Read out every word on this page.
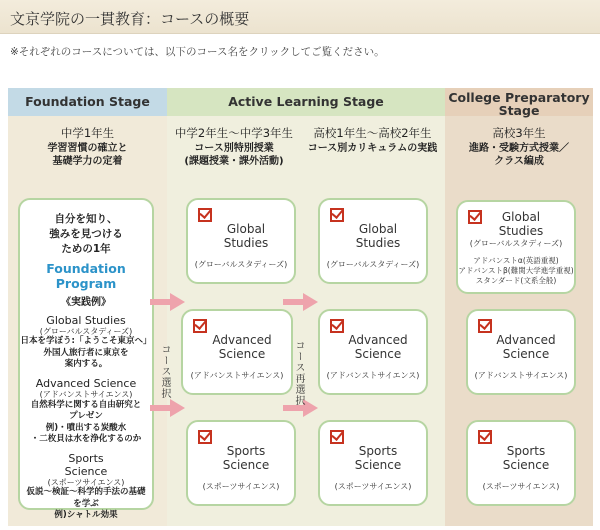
文京学院の一貫教育：コースの概要
※それぞれのコースについては、以下のコース名をクリックしてご覧ください。
Foundation Stage	Active Learning Stage	College Preparatory Stage
中学1年生
学習習慣の確立と
基礎学力の定着
中学2年生〜中学3年生
コース別特別授業
(課題授業・課外活動)
高校1年生〜高校2年生
コース別カリキュラムの実践
高校3年生
進路・受験方式授業／
クラス編成
自分を知り、
強みを見つける
ための1年
Foundation Program
《実践例》
Global Studies
(グローバルスタディーズ)
日本を学ぼう:「ようこそ東京へ」
外国人旅行者に東京を
案内する。
Advanced Science
(アドバンストサイエンス)
自然科学に関する自由研究と
プレゼン
例)・噴出する炭酸水
・二枚貝は水を浄化するのか
Sports
Science
(スポーツサイエンス)
仮説〜検証〜科学的手法の基礎
を学ぶ
例)シャトル効果
コース選択	コース再選択
Global
Studies
(グローバルスタディーズ)
Advanced
Science
(アドバンストサイエンス)
Sports
Science
(スポーツサイエンス)
Global
Studies
(グローバルスタディーズ)
Advanced
Science
(アドバンストサイエンス)
Sports
Science
(スポーツサイエンス)
Global
Studies
(グローバルスタディーズ)
アドバンストα(英語重視)
アドバンストβ(難関大学進学重視)
スタンダード(文系全般)
Advanced
Science
(アドバンストサイエンス)
Sports
Science
(スポーツサイエンス)
